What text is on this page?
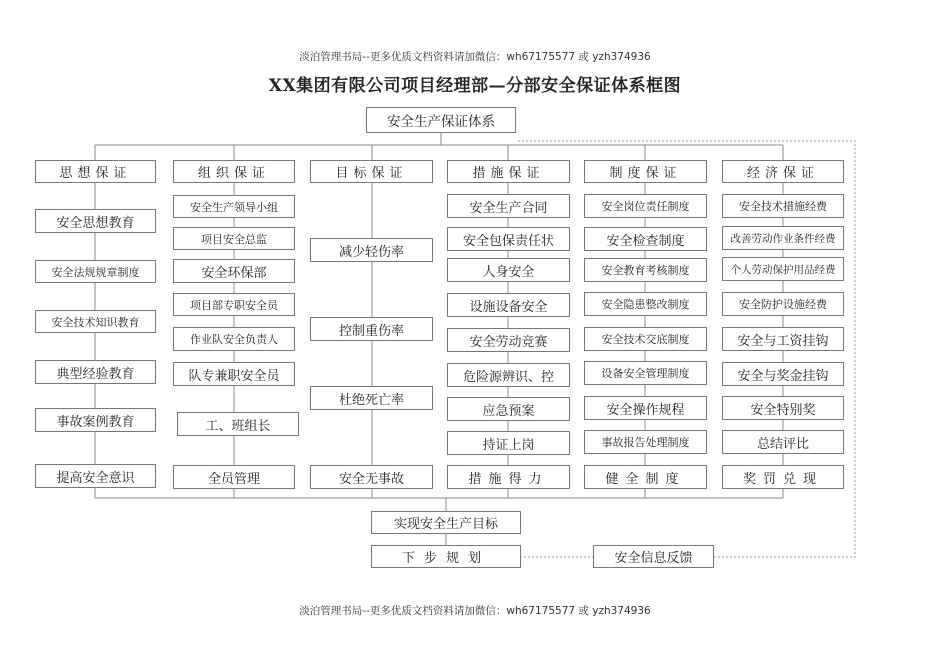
淡泊管理书局--更多优质文档资料请加微信：wh67175577 或 yzh374936
XX集团有限公司项目经理部—分部安全保证体系框图
安全生产保证体系
思想保证
安全思想教育
安全法规规章制度
安全技术知识教育
典型经验教育
事故案例教育
提高安全意识
组织保证
安全生产领导小组
项目安全总监
安全环保部
项目部专职安全员
作业队安全负责人
队专兼职安全员
工、班组长
全员管理
目标保证
减少轻伤率
控制重伤率
杜绝死亡率
安全无事故
措施保证
安全生产合同
安全包保责任状
人身安全
设施设备安全
安全劳动竞赛
危险源辨识、控
应急预案
持证上岗
措施得力
制度保证
安全岗位责任制度
安全检查制度
安全教育考核制度
安全隐患整改制度
安全技术交底制度
设备安全管理制度
安全操作规程
事故报告处理制度
健全制度
经济保证
安全技术措施经费
改善劳动作业条件经费
个人劳动保护用品经费
安全防护设施经费
安全与工资挂钩
安全与奖金挂钩
安全特别奖
总结评比
奖罚兑现
实现安全生产目标
下步规划	安全信息反馈
淡泊管理书局--更多优质文档资料请加微信：wh67175577 或 yzh374936
